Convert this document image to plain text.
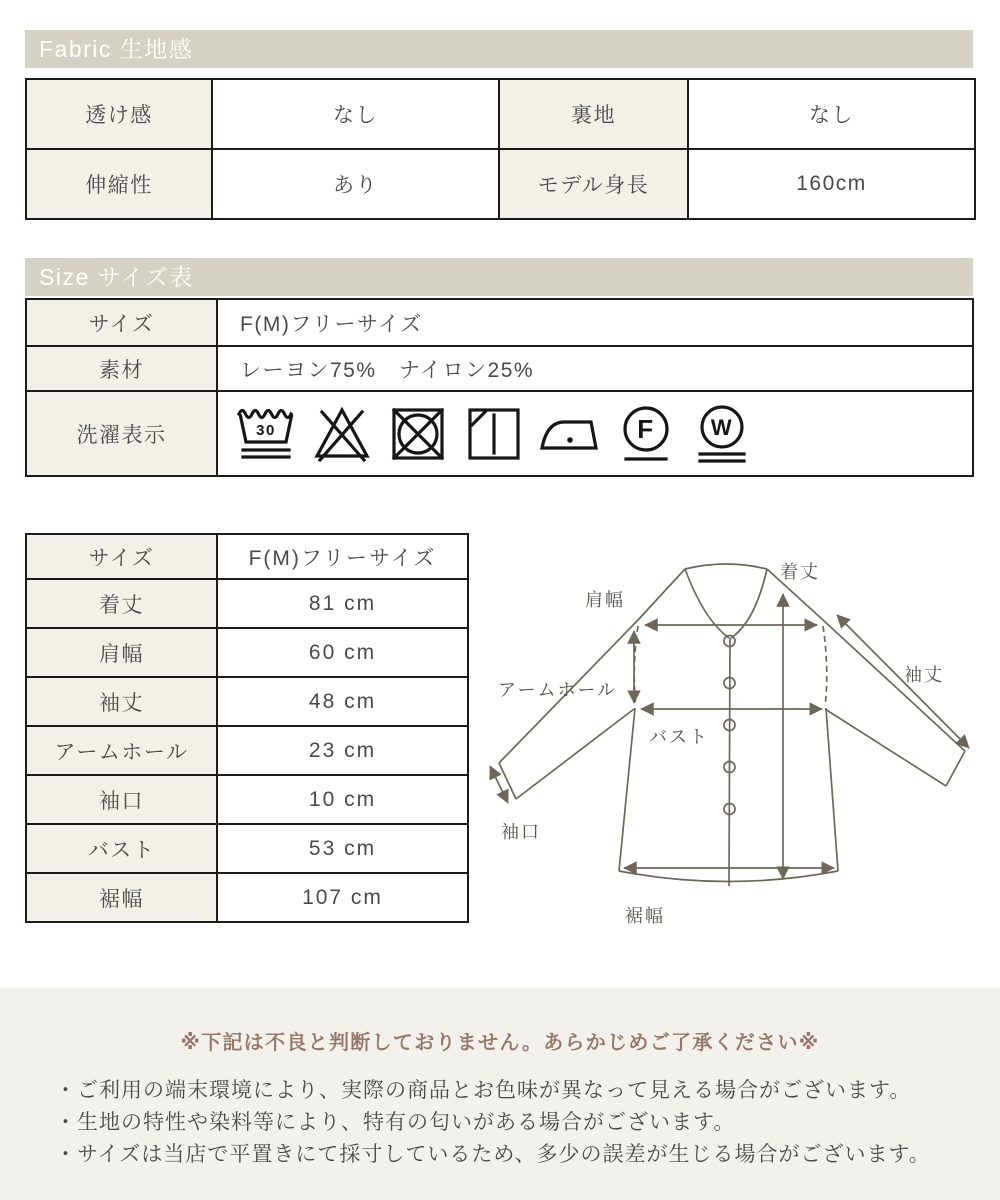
Fabric 生地感
透け感	なし	裏地	なし
伸縮性	あり	モデル身長	160cm
Size サイズ表
サイズ	F(M)フリーサイズ
素材	レーヨン75%　ナイロン25%
洗濯表示	30 F W
サイズ	F(M)フリーサイズ
着丈	81 cm
肩幅	60 cm
袖丈	48 cm
アームホール	23 cm
袖口	10 cm
バスト	53 cm
裾幅	107 cm
肩幅
着丈
アームホール
袖丈
バスト
袖口
裾幅

※下記は不良と判断しておりません。あらかじめご了承ください※

・ご利用の端末環境により、実際の商品とお色味が異なって見える場合がございます。
・生地の特性や染料等により、特有の匂いがある場合がございます。
・サイズは当店で平置きにて採寸しているため、多少の誤差が生じる場合がございます。
